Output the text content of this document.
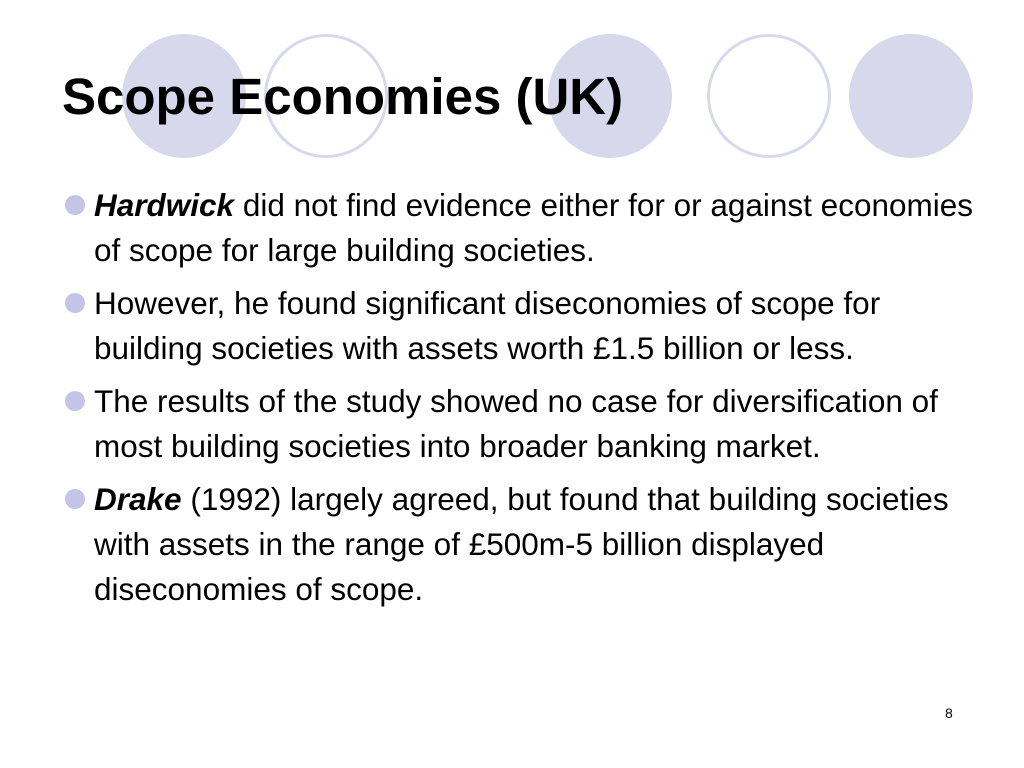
Scope Economies (UK)
Hardwick did not find evidence either for or against economies of scope for large building societies.
However, he found significant diseconomies of scope for building societies with assets worth £1.5 billion or less.
The results of the study showed no case for diversification of most building societies into broader banking market.
Drake (1992) largely agreed, but found that building societies with assets in the range of £500m-5 billion displayed diseconomies of scope.
8
